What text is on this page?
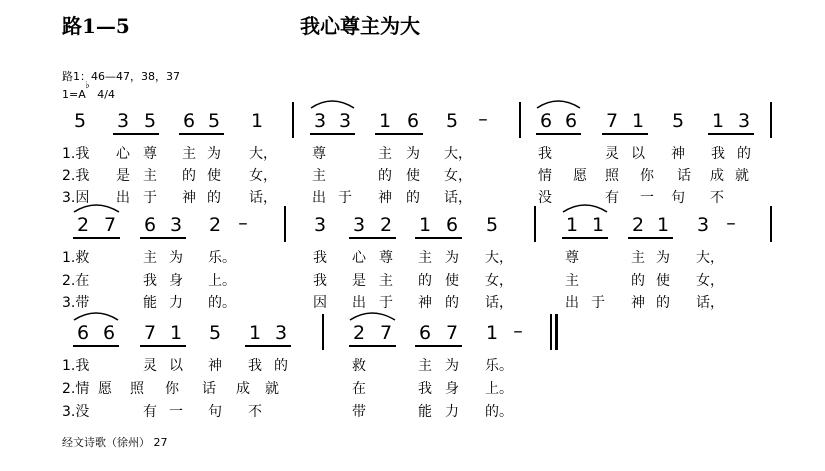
路1—5	我心尊主为大
路1：46—47，38，37
1=A 4/4
♭
5 3 5 6 5 1	3 3 1 6 5 –	6 6 7 1 5 1 3
1.我 心 尊 主 为 大，	尊	主 为 大，	我	灵 以 神 我 的
2.我 是 主 的 使 女，	主	的 使 女，	情 愿 照 你 话 成 就
3.因 出 于 神 的 话，	出 于 神 的 话，	没	有 一 句 不
2 7 6 3 2 –	3 3 2 1 6 5	1 1 2 1 3 –
1.救	主 为 乐。	我 心 尊 主 为 大，	尊	主 为 大，
2.在	我 身 上。	我 是 主 的 使 女，	主	的 使 女，
3.带	能 力 的。	因 出 于 神 的 话，	出 于 神 的 话，
6 6 7 1 5 1 3	2 7 6 7 1 –
1.我	灵 以 神 我 的	救	主 为 乐。
2.情 愿 照 你 话 成 就	在	我 身 上。
3.没	有 一 句 不	带	能 力 的。
经文诗歌（徐州） 27
